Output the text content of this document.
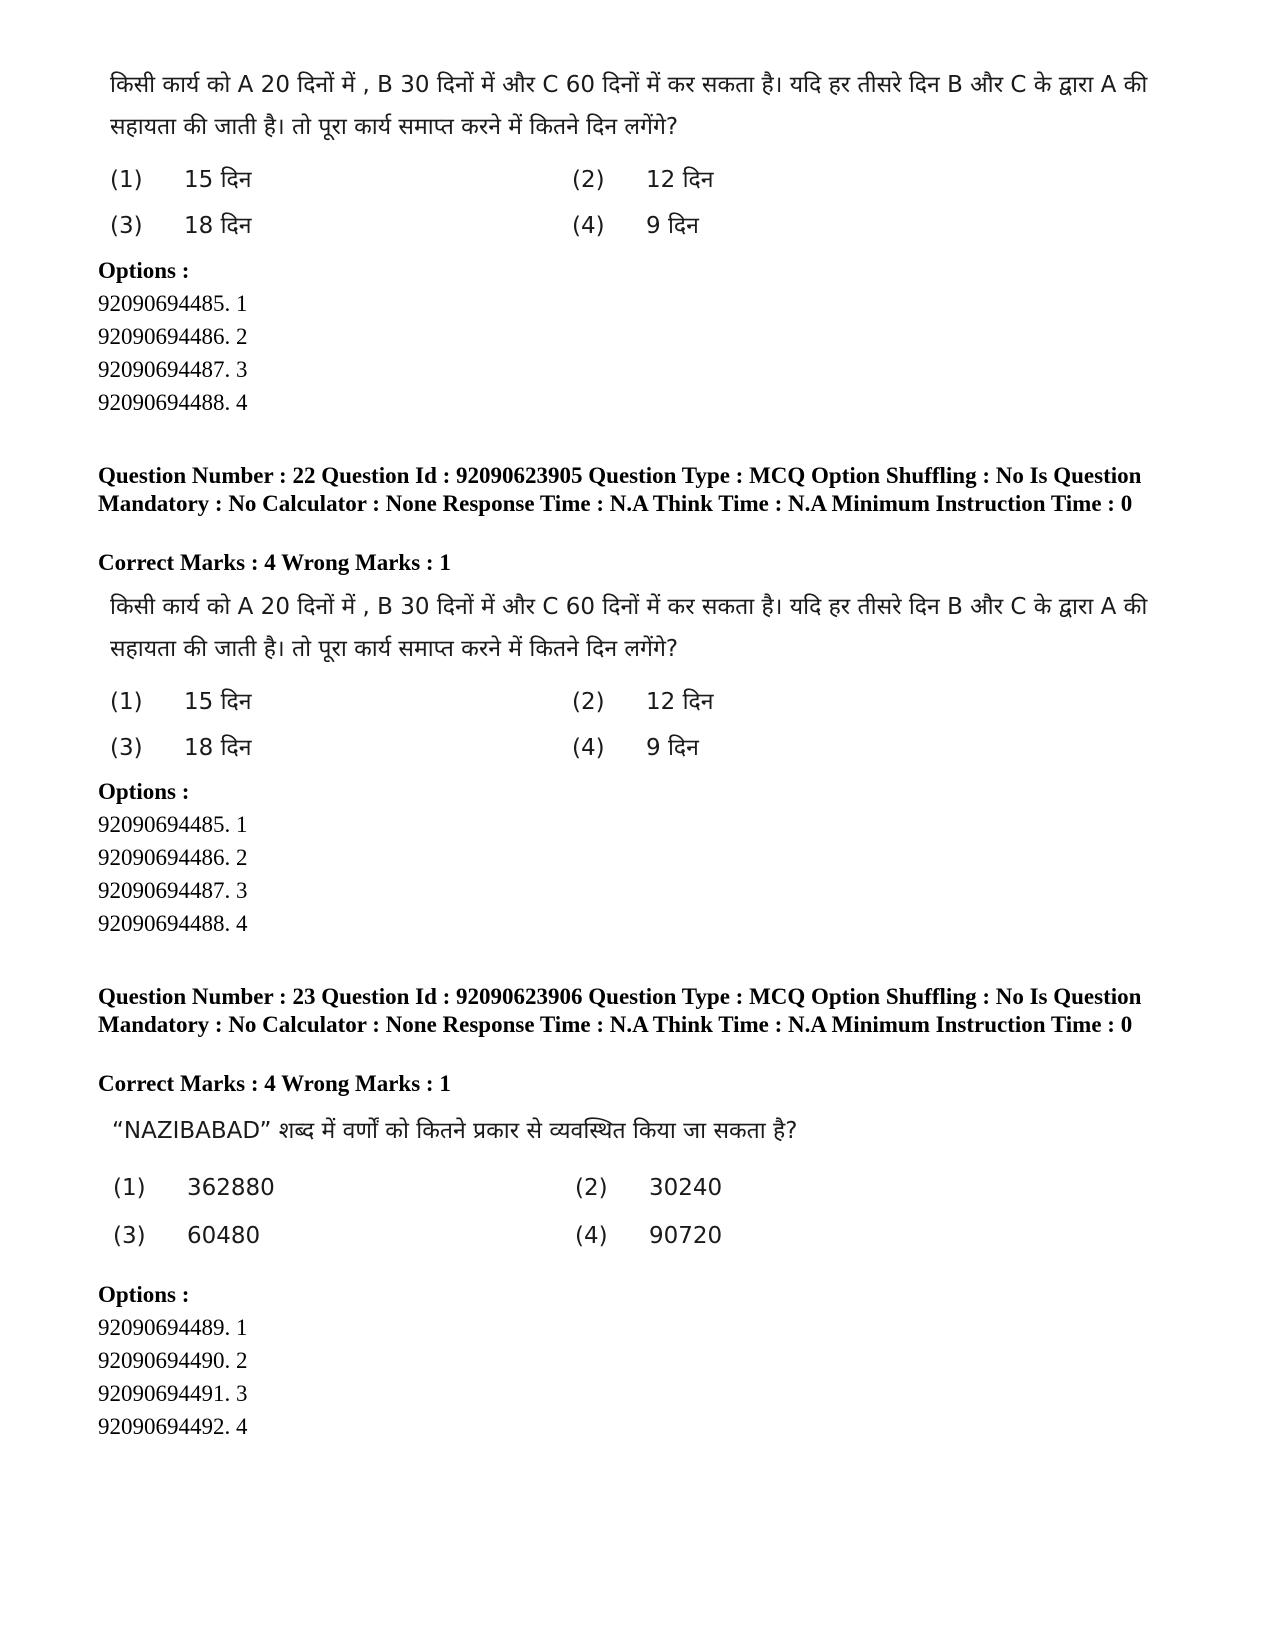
किसी कार्य को A 20 दिनों में , B 30 दिनों में और C 60 दिनों में कर सकता है। यदि हर तीसरे दिन B और C के द्वारा A की सहायता की जाती है। तो पूरा कार्य समाप्त करने में कितने दिन लगेंगे?
(1) 15 दिन	(2) 12 दिन
(3) 18 दिन	(4) 9 दिन
Options :
92090694485. 1
92090694486. 2
92090694487. 3
92090694488. 4
Question Number : 22 Question Id : 92090623905 Question Type : MCQ Option Shuffling : No Is Question Mandatory : No Calculator : None Response Time : N.A Think Time : N.A Minimum Instruction Time : 0
Correct Marks : 4 Wrong Marks : 1
किसी कार्य को A 20 दिनों में , B 30 दिनों में और C 60 दिनों में कर सकता है। यदि हर तीसरे दिन B और C के द्वारा A की सहायता की जाती है। तो पूरा कार्य समाप्त करने में कितने दिन लगेंगे?
(1) 15 दिन	(2) 12 दिन
(3) 18 दिन	(4) 9 दिन
Options :
92090694485. 1
92090694486. 2
92090694487. 3
92090694488. 4
Question Number : 23 Question Id : 92090623906 Question Type : MCQ Option Shuffling : No Is Question Mandatory : No Calculator : None Response Time : N.A Think Time : N.A Minimum Instruction Time : 0
Correct Marks : 4 Wrong Marks : 1
“NAZIBABAD” शब्द में वर्णों को कितने प्रकार से व्यवस्थित किया जा सकता है?
(1) 362880	(2) 30240
(3) 60480	(4) 90720
Options :
92090694489. 1
92090694490. 2
92090694491. 3
92090694492. 4
